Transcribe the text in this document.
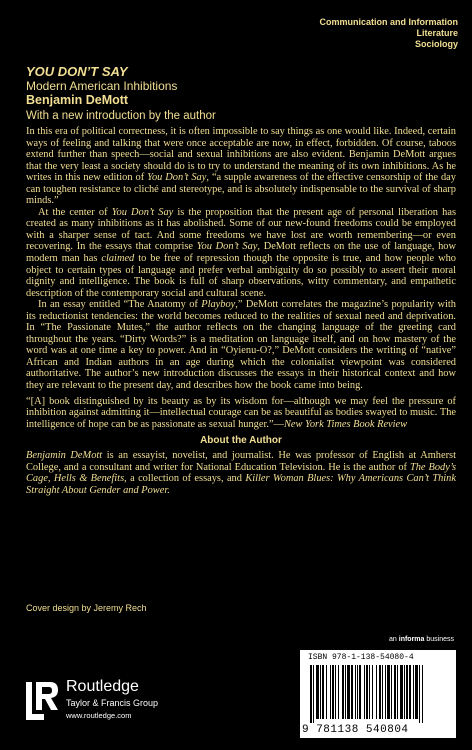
Communication and Information
Literature
Sociology
YOU DON’T SAY
Modern American Inhibitions
Benjamin DeMott
With a new introduction by the author

In this era of political correctness, it is often impossible to say things as one would like. Indeed, certain ways of feeling and talking that were once acceptable are now, in effect, forbidden. Of course, taboos extend further than speech—social and sexual inhibitions are also evident. Benjamin DeMott argues that the very least a society should do is to try to understand the meaning of its own inhibitions. As he writes in this new edition of You Don’t Say, “a supple awareness of the effective censorship of the day can toughen resistance to cliché and stereotype, and is absolutely indispensable to the survival of sharp minds.”

At the center of You Don’t Say is the proposition that the present age of personal liberation has created as many inhibitions as it has abolished. Some of our new-found freedoms could be employed with a sharper sense of tact. And some freedoms we have lost are worth remembering—or even recovering. In the essays that comprise You Don’t Say, DeMott reflects on the use of language, how modern man has claimed to be free of repression though the opposite is true, and how people who object to certain types of language and prefer verbal ambiguity do so possibly to assert their moral dignity and intelligence. The book is full of sharp observations, witty commentary, and empathetic description of the contemporary social and cultural scene.

In an essay entitled “The Anatomy of Playboy,” DeMott correlates the magazine’s popularity with its reductionist tendencies: the world becomes reduced to the realities of sexual need and deprivation. In “The Passionate Mutes,” the author reflects on the changing language of the greeting card throughout the years. “Dirty Words?” is a meditation on language itself, and on how mastery of the word was at one time a key to power. And in “Oyienu-O?,” DeMott considers the writing of “native” African and Indian authors in an age during which the colonialist viewpoint was considered authoritative. The author’s new introduction discusses the essays in their historical context and how they are relevant to the present day, and describes how the book came into being.

“[A] book distinguished by its beauty as by its wisdom for—although we may feel the pressure of inhibition against admitting it—intellectual courage can be as beautiful as bodies swayed to music. The intelligence of hope can be as passionate as sexual hunger.”—New York Times Book Review

About the Author
Benjamin DeMott is an essayist, novelist, and journalist. He was professor of English at Amherst College, and a consultant and writer for National Education Television. He is the author of The Body’s Cage, Hells & Benefits, a collection of essays, and Killer Woman Blues: Why Americans Can’t Think Straight About Gender and Power.
Cover design by Jeremy Rech
an informa business
Routledge
Taylor & Francis Group
www.routledge.com
ISBN 978-1-138-54080-4
9 781138 540804
